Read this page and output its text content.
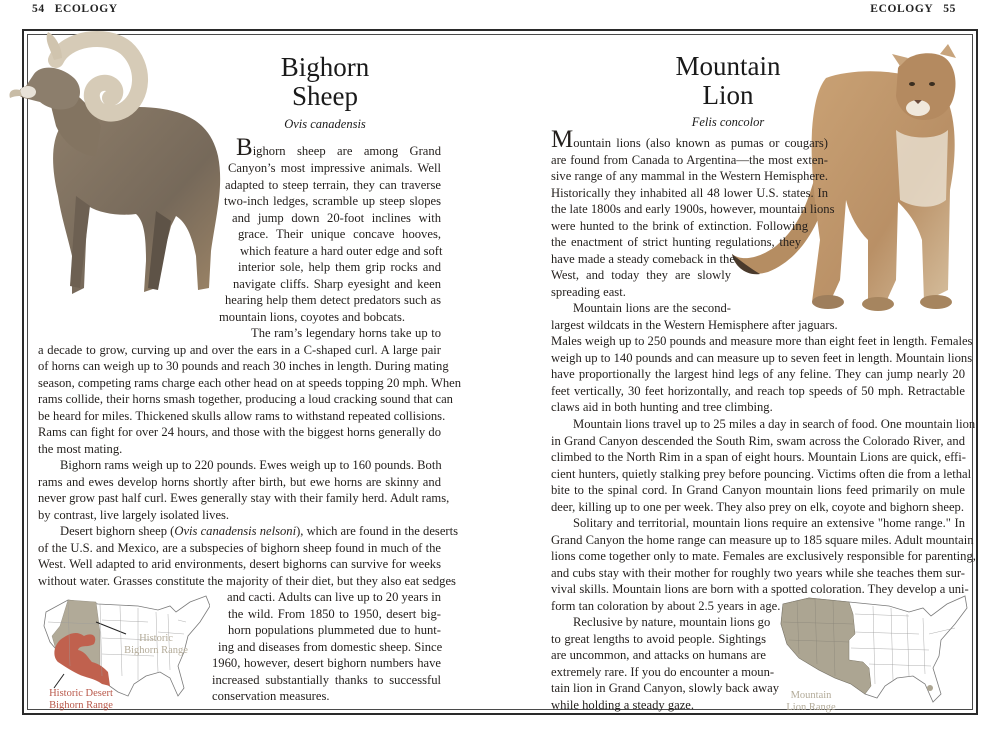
54 ECOLOGY	ECOLOGY 55
Bighorn
Sheep
Ovis canadensis
Bighorn sheep are among Grand
Canyon’s most impressive animals. Well
adapted to steep terrain, they can traverse
two-inch ledges, scramble up steep slopes
and jump down 20-foot inclines with
grace. Their unique concave hooves,
which feature a hard outer edge and soft
interior sole, help them grip rocks and
navigate cliffs. Sharp eyesight and keen
hearing help them detect predators such as
mountain lions, coyotes and bobcats.
The ram’s legendary horns take up to
a decade to grow, curving up and over the ears in a C-shaped curl. A large pair
of horns can weigh up to 30 pounds and reach 30 inches in length. During mating
season, competing rams charge each other head on at speeds topping 20 mph. When
rams collide, their horns smash together, producing a loud cracking sound that can
be heard for miles. Thickened skulls allow rams to withstand repeated collisions.
Rams can fight for over 24 hours, and those with the biggest horns generally do
the most mating.
Bighorn rams weigh up to 220 pounds. Ewes weigh up to 160 pounds. Both
rams and ewes develop horns shortly after birth, but ewe horns are skinny and
never grow past half curl. Ewes generally stay with their family herd. Adult rams,
by contrast, live largely isolated lives.
Desert bighorn sheep (Ovis canadensis nelsoni), which are found in the deserts
of the U.S. and Mexico, are a subspecies of bighorn sheep found in much of the
West. Well adapted to arid environments, desert bighorns can survive for weeks
without water. Grasses constitute the majority of their diet, but they also eat sedges
and cacti. Adults can live up to 20 years in
the wild. From 1850 to 1950, desert big-
horn populations plummeted due to hunt-
ing and diseases from domestic sheep. Since
1960, however, desert bighorn numbers have
increased substantially thanks to successful
conservation measures.
Historic
Bighorn Range
Historic Desert
Bighorn Range
Mountain
Lion
Felis concolor
Mountain lions (also known as pumas or cougars)
are found from Canada to Argentina—the most exten-
sive range of any mammal in the Western Hemisphere.
Historically they inhabited all 48 lower U.S. states. In
the late 1800s and early 1900s, however, mountain lions
were hunted to the brink of extinction. Following
the enactment of strict hunting regulations, they
have made a steady comeback in the
West, and today they are slowly
spreading east.
Mountain lions are the second-
largest wildcats in the Western Hemisphere after jaguars.
Males weigh up to 250 pounds and measure more than eight feet in length. Females
weigh up to 140 pounds and can measure up to seven feet in length. Mountain lions
have proportionally the largest hind legs of any feline. They can jump nearly 20
feet vertically, 30 feet horizontally, and reach top speeds of 50 mph. Retractable
claws aid in both hunting and tree climbing.
Mountain lions travel up to 25 miles a day in search of food. One mountain lion
in Grand Canyon descended the South Rim, swam across the Colorado River, and
climbed to the North Rim in a span of eight hours. Mountain Lions are quick, effi-
cient hunters, quietly stalking prey before pouncing. Victims often die from a lethal
bite to the spinal cord. In Grand Canyon mountain lions feed primarily on mule
deer, killing up to one per week. They also prey on elk, coyote and bighorn sheep.
Solitary and territorial, mountain lions require an extensive "home range." In
Grand Canyon the home range can measure up to 185 square miles. Adult mountain
lions come together only to mate. Females are exclusively responsible for parenting,
and cubs stay with their mother for roughly two years while she teaches them sur-
vival skills. Mountain lions are born with a spotted coloration. They develop a uni-
form tan coloration by about 2.5 years in age.
Reclusive by nature, mountain lions go
to great lengths to avoid people. Sightings
are uncommon, and attacks on humans are
extremely rare. If you do encounter a moun-
tain lion in Grand Canyon, slowly back away
while holding a steady gaze.
Mountain
Lion Range
